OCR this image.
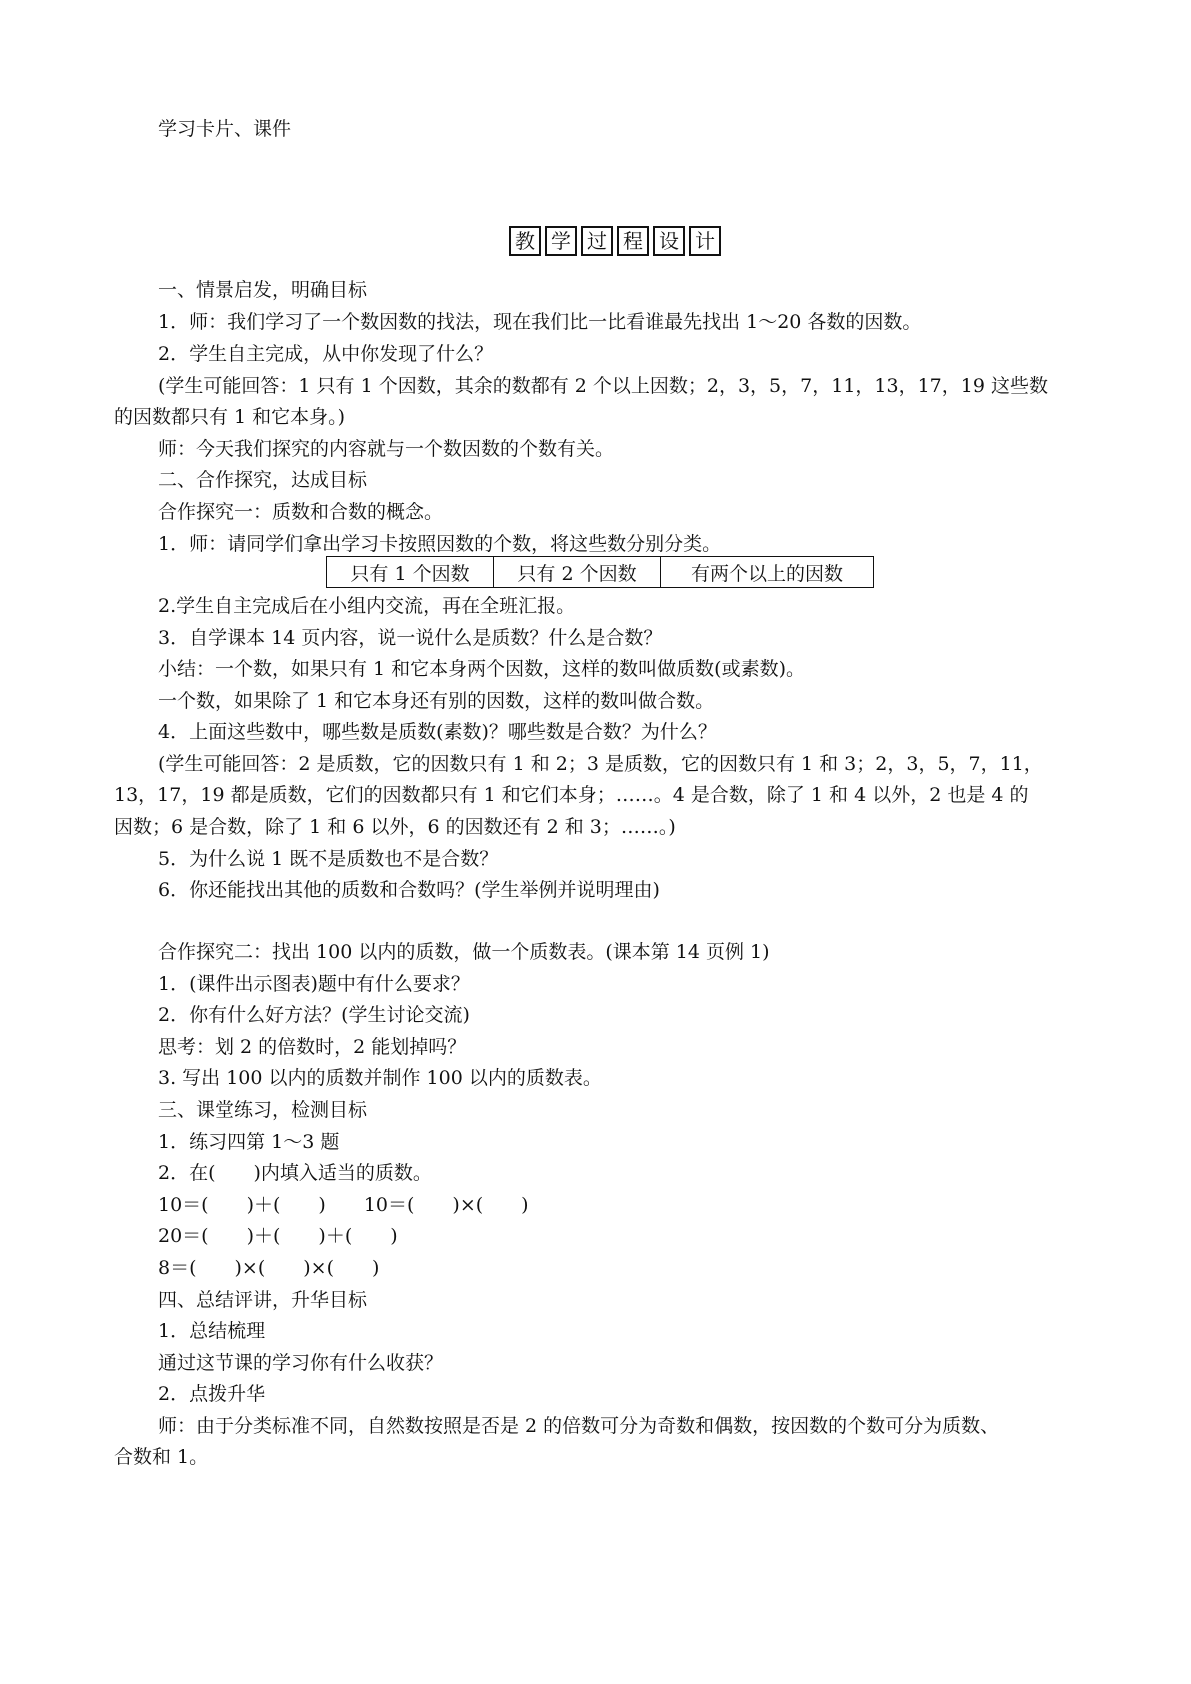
学习卡片、课件
教 学 过 程 设 计
一、情景启发，明确目标
1．师：我们学习了一个数因数的找法，现在我们比一比看谁最先找出 1～20 各数的因数。
2．学生自主完成，从中你发现了什么？
(学生可能回答：1 只有 1 个因数，其余的数都有 2 个以上因数；2，3，5，7，11，13，17，19 这些数
的因数都只有 1 和它本身。)
师：今天我们探究的内容就与一个数因数的个数有关。
二、合作探究，达成目标
合作探究一：质数和合数的概念。
1．师：请同学们拿出学习卡按照因数的个数，将这些数分别分类。
只有 1 个因数	只有 2 个因数	有两个以上的因数
2.学生自主完成后在小组内交流，再在全班汇报。
3．自学课本 14 页内容，说一说什么是质数？什么是合数？
小结：一个数，如果只有 1 和它本身两个因数，这样的数叫做质数(或素数)。
一个数，如果除了 1 和它本身还有别的因数，这样的数叫做合数。
4．上面这些数中，哪些数是质数(素数)？哪些数是合数？为什么？
(学生可能回答：2 是质数，它的因数只有 1 和 2；3 是质数，它的因数只有 1 和 3；2，3，5，7，11，
13，17，19 都是质数，它们的因数都只有 1 和它们本身；……。4 是合数，除了 1 和 4 以外，2 也是 4 的
因数；6 是合数，除了 1 和 6 以外，6 的因数还有 2 和 3；……。)
5．为什么说 1 既不是质数也不是合数？
6．你还能找出其他的质数和合数吗？(学生举例并说明理由)
合作探究二：找出 100 以内的质数，做一个质数表。(课本第 14 页例 1)
1．(课件出示图表)题中有什么要求？
2．你有什么好方法？(学生讨论交流)
思考：划 2 的倍数时，2 能划掉吗？
3. 写出 100 以内的质数并制作 100 以内的质数表。
三、课堂练习，检测目标
1．练习四第 1～3 题
2．在(　　)内填入适当的质数。
10＝(　　)＋(　　)　　10＝(　　)×(　　)
20＝(　　)＋(　　)＋(　　)
8＝(　　)×(　　)×(　　)
四、总结评讲，升华目标
1．总结梳理
通过这节课的学习你有什么收获？
2．点拨升华
师：由于分类标准不同，自然数按照是否是 2 的倍数可分为奇数和偶数，按因数的个数可分为质数、
合数和 1。
